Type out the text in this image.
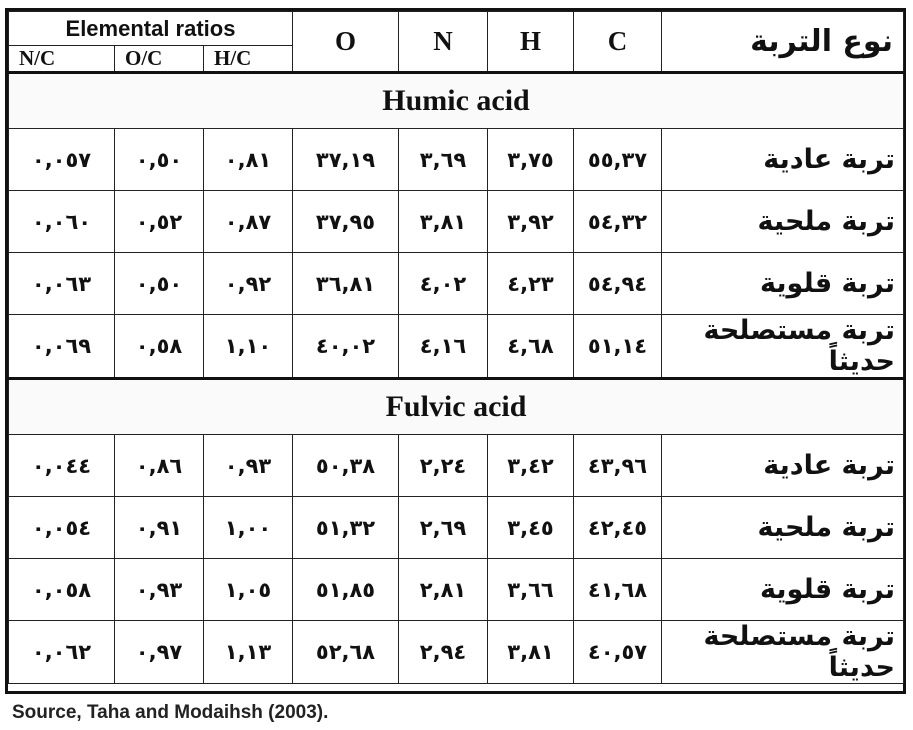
Elemental ratios			O	N	H	C	نوع التربة
N/C	O/C	H/C					
Humic acid							
٠,٠٥٧	٠,٥٠	٠,٨١	٣٧,١٩	٣,٦٩	٣,٧٥	٥٥,٣٧	تربة عادية
٠,٠٦٠	٠,٥٢	٠,٨٧	٣٧,٩٥	٣,٨١	٣,٩٢	٥٤,٣٢	تربة ملحية
٠,٠٦٣	٠,٥٠	٠,٩٢	٣٦,٨١	٤,٠٢	٤,٢٣	٥٤,٩٤	تربة قلوية
٠,٠٦٩	٠,٥٨	١,١٠	٤٠,٠٢	٤,١٦	٤,٦٨	٥١,١٤	تربة مستصلحة حديثاً
Fulvic acid							
٠,٠٤٤	٠,٨٦	٠,٩٣	٥٠,٣٨	٢,٢٤	٣,٤٢	٤٣,٩٦	تربة عادية
٠,٠٥٤	٠,٩١	١,٠٠	٥١,٣٢	٢,٦٩	٣,٤٥	٤٢,٤٥	تربة ملحية
٠,٠٥٨	٠,٩٣	١,٠٥	٥١,٨٥	٢,٨١	٣,٦٦	٤١,٦٨	تربة قلوية
٠,٠٦٢	٠,٩٧	١,١٣	٥٢,٦٨	٢,٩٤	٣,٨١	٤٠,٥٧	تربة مستصلحة حديثاً
Source, Taha and Modaihsh (2003).
